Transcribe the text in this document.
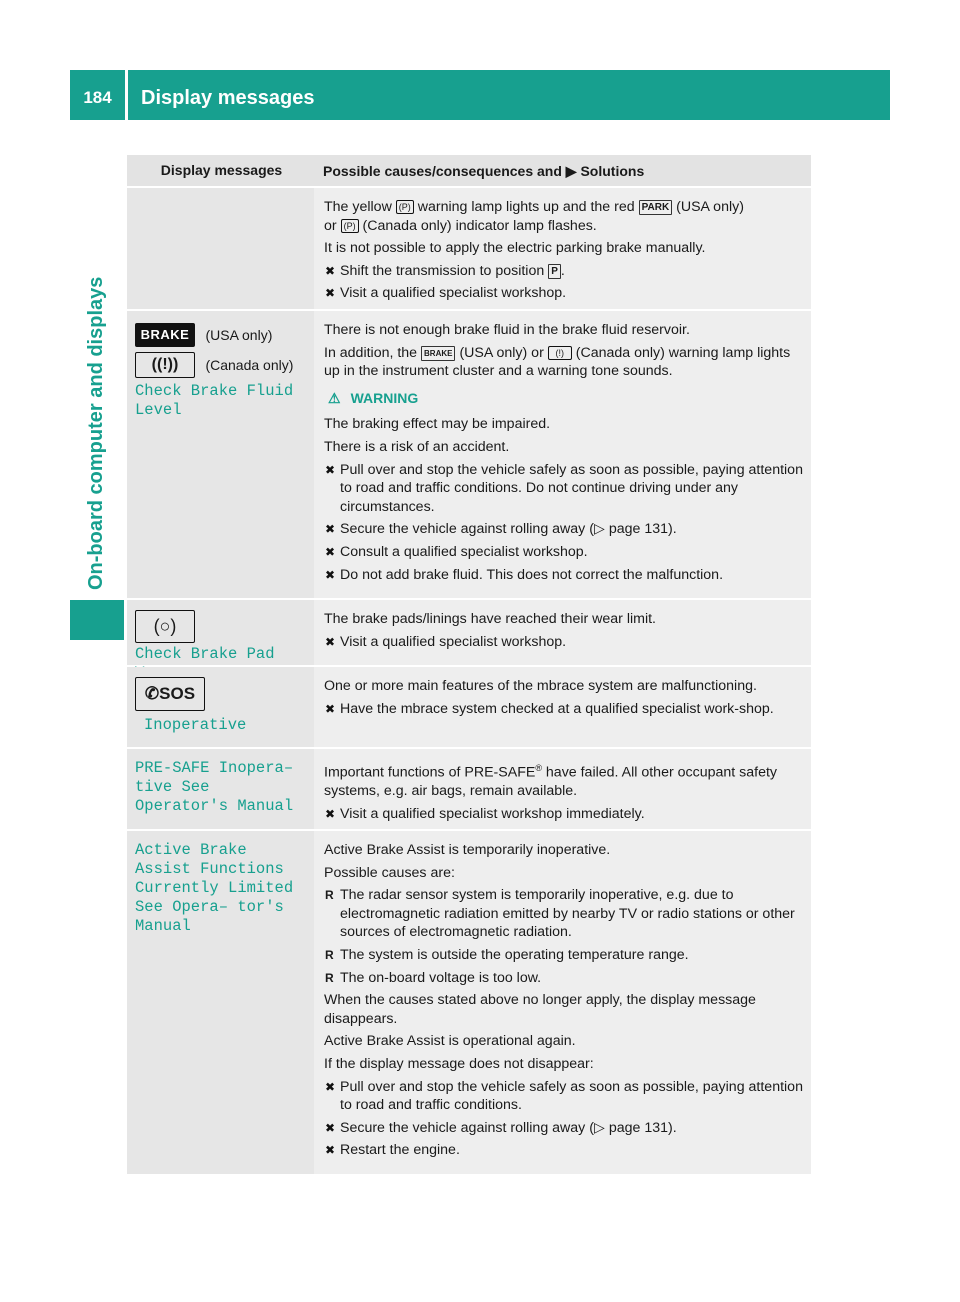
184	Display messages
On-board computer and displays
Display messages	Possible causes/consequences and ▶ Solutions
The yellow (P) warning lamp lights up and the red PARK (USA only)
or (P) (Canada only) indicator lamp flashes.
It is not possible to apply the electric parking brake manually.
✖ Shift the transmission to position P .
✖ Visit a qualified specialist workshop.
BRAKE (USA only)
((!)) (Canada only)
Check Brake Fluid Level
There is not enough brake fluid in the brake fluid reservoir.
In addition, the BRAKE (USA only) or (!) (Canada only) warning lamp lights up in the instrument cluster and a warning tone sounds.
⚠ WARNING
The braking effect may be impaired.
There is a risk of an accident.
✖ Pull over and stop the vehicle safely as soon as possible, paying attention to road and traffic conditions. Do not continue driving under any circumstances.
✖ Secure the vehicle against rolling away (▷ page 131).
✖ Consult a qualified specialist workshop.
✖ Do not add brake fluid. This does not correct the malfunction.
(○)
Check Brake Pad
The brake pads/linings have reached their wear limit.
✖ Visit a qualified specialist workshop.
✆SOS
Inoperative
One or more main features of the mbrace system are malfunctioning.
✖ Have the mbrace system checked at a qualified specialist work-shop.
PRE-SAFE Inopera– tive See Operator's Manual
Important functions of PRE-SAFE® have failed. All other occupant safety systems, e.g. air bags, remain available.
✖ Visit a qualified specialist workshop immediately.
Active Brake Assist Functions Currently Limited See Opera– tor's Manual
Active Brake Assist is temporarily inoperative.
Possible causes are:
R The radar sensor system is temporarily inoperative, e.g. due to electromagnetic radiation emitted by nearby TV or radio stations or other sources of electromagnetic radiation.
R The system is outside the operating temperature range.
R The on-board voltage is too low.
When the causes stated above no longer apply, the display message disappears.
Active Brake Assist is operational again.
If the display message does not disappear:
✖ Pull over and stop the vehicle safely as soon as possible, paying attention to road and traffic conditions.
✖ Secure the vehicle against rolling away (▷ page 131).
✖ Restart the engine.
